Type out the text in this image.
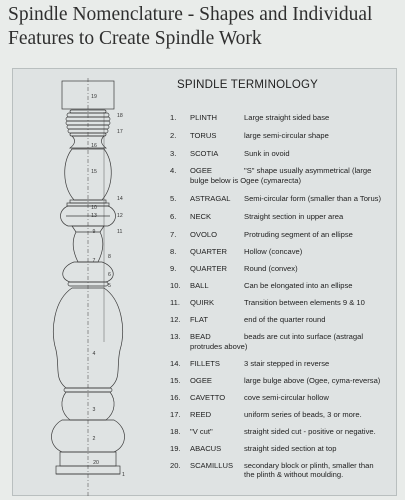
Spindle Nomenclature - Shapes and Individual Features to Create Spindle Work
19
16
15
10
13
9
7
4
3
2
20
18
17
14
12
11
8
6
5
1
SPINDLE TERMINOLOGY
1. PLINTH	Large straight sided base
2. TORUS	large semi-circular shape
3. SCOTIA	Sunk in ovoid
4. OGEE	"S" shape usually asymmetrical (large
bulge below is Ogee (cymarecta)
5. ASTRAGAL Semi-circular form (smaller than a Torus)
6. NECK	Straight section in upper area
7. OVOLO	Protruding segment of an ellipse
8. QUARTER Hollow (concave)
9. QUARTER Round (convex)
10. BALL	Can be elongated into an ellipse
11. QUIRK	Transition between elements 9 & 10
12. FLAT	end of the quarter round
13. BEAD	beads are cut into surface (astragal
protrudes above)
14. FILLETS	3 stair stepped in reverse
15. OGEE	large bulge above (Ogee, cyma-reversa)
16. CAVETTO cove semi-circular hollow
17. REED	uniform series of beads, 3 or more.
18. "V cut"	straight sided cut - positive or negative.
19. ABACUS	straight sided section at top
20. SCAMILLUS secondary block or plinth, smaller than
the plinth & without moulding.
